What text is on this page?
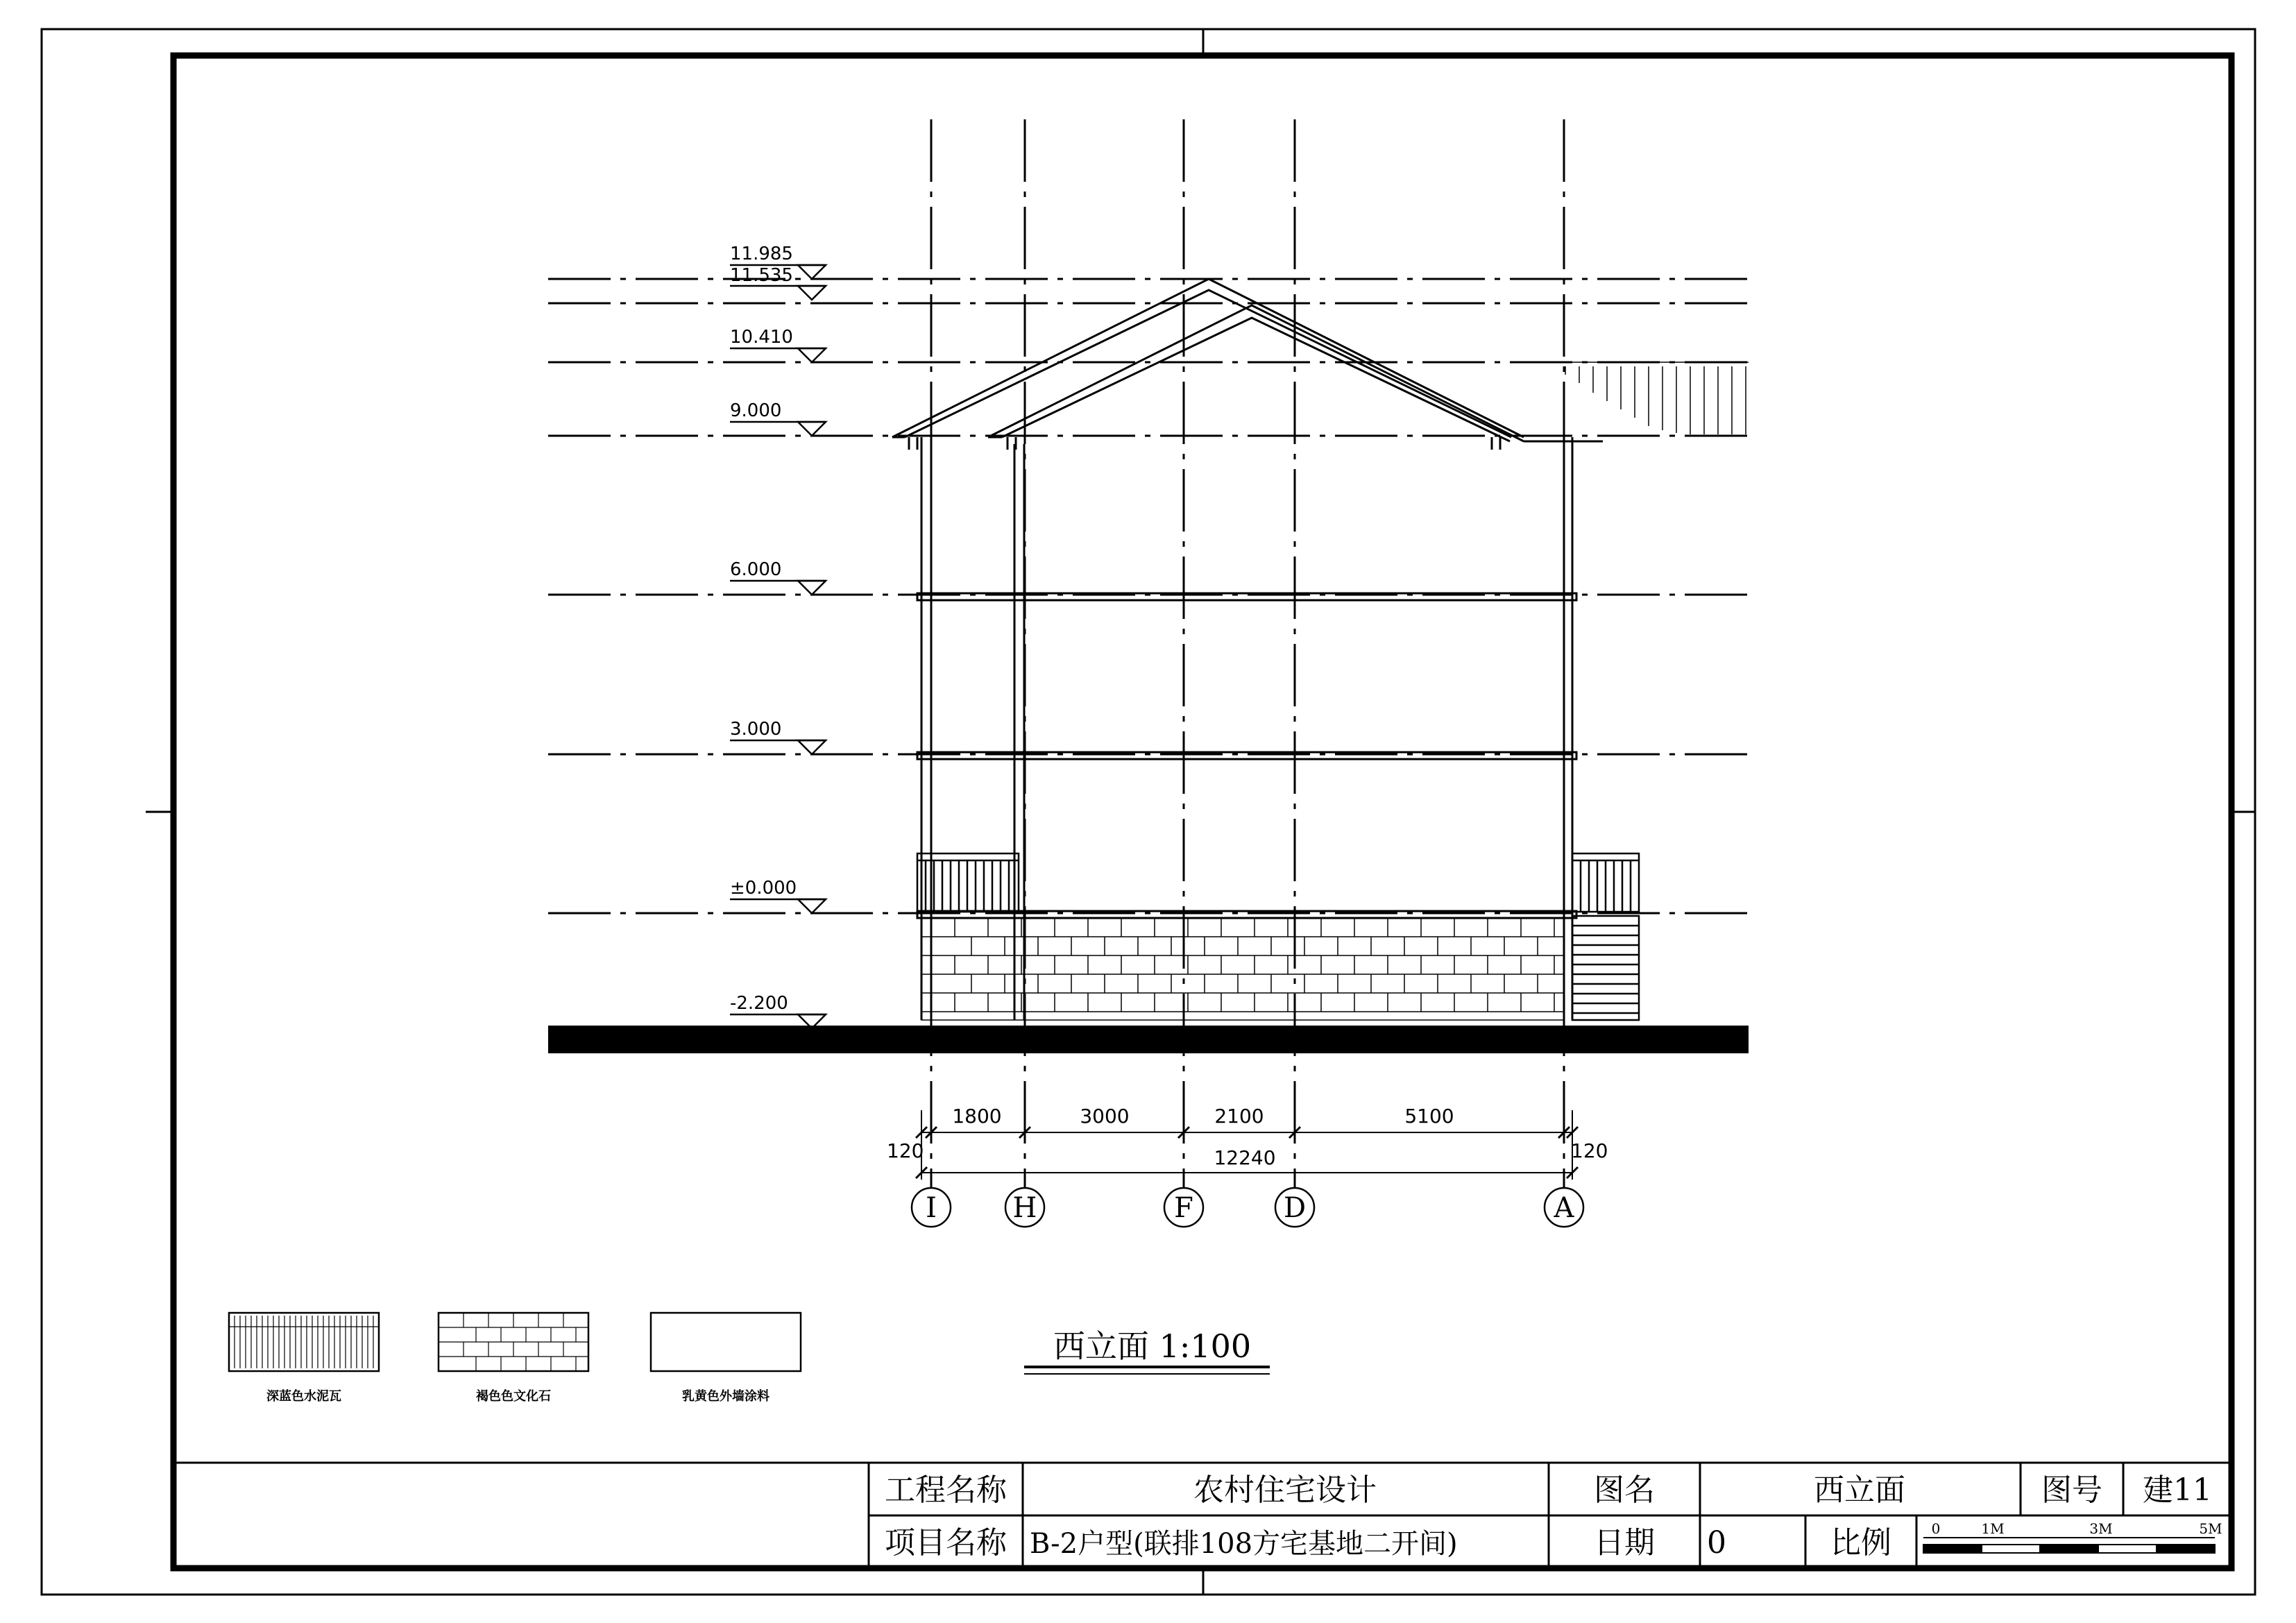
11.985
11.535
10.410
9.000
6.000
3.000
±0.000
-2.200
1800	3000	2100	5100
12240
120	120
I	H	F	D	A
西立面 1:100
深蓝色水泥瓦	褐色色文化石	乳黄色外墙涂料
工程名称	农村住宅设计	图名	西立面	图号 建11
项目名称 B-2户型(联排108方宅基地二开间)	日期 0	比例	0	1M	3M	5M
